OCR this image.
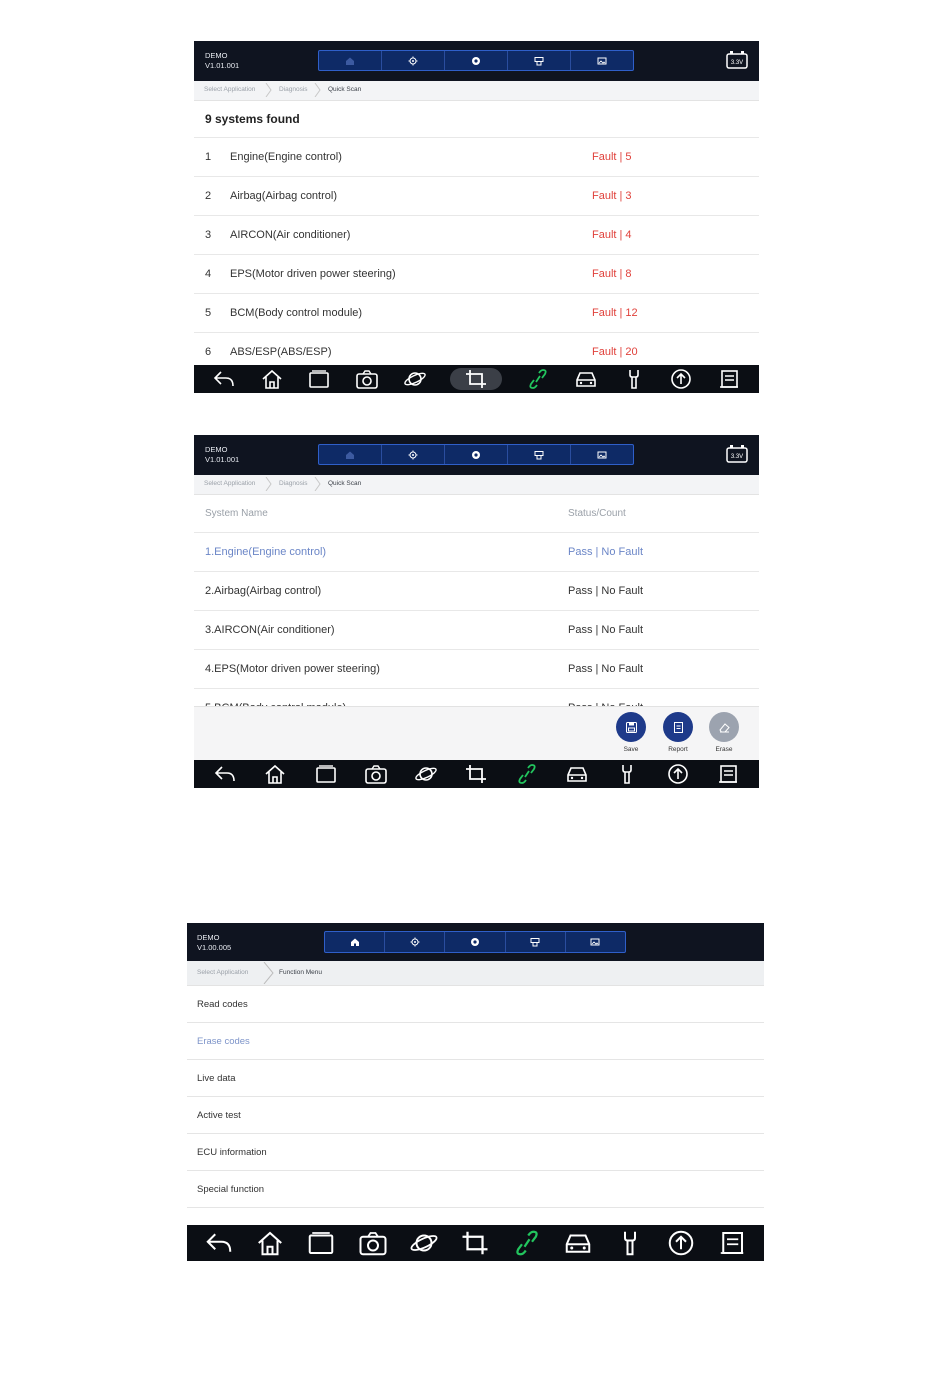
DEMO
V1.01.001	3.3V
Select Application	Diagnosis	Quick Scan
9 systems found
1 Engine(Engine control)	Fault | 5
2 Airbag(Airbag control)	Fault | 3
3 AIRCON(Air conditioner)	Fault | 4
4 EPS(Motor driven power steering)	Fault | 8
5 BCM(Body control module)	Fault | 12
6 ABS/ESP(ABS/ESP)	Fault | 20
DEMO
V1.01.001	3.3V
Select Application	Diagnosis	Quick Scan
System Name	Status/Count
1.Engine(Engine control)	Pass | No Fault
2.Airbag(Airbag control)	Pass | No Fault
3.AIRCON(Air conditioner)	Pass | No Fault
4.EPS(Motor driven power steering)	Pass | No Fault
Save	Report	Erase
DEMO
V1.00.005
Select Application	Function Menu
Read codes
Erase codes
Live data
Active test
ECU information
Special function
